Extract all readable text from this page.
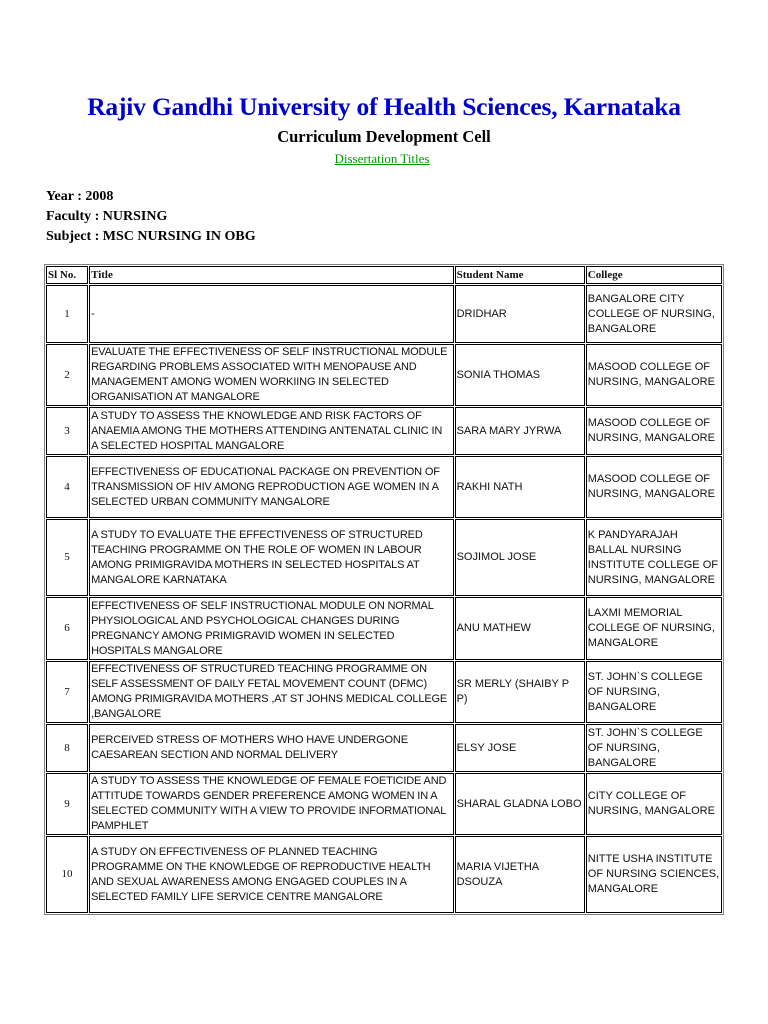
Rajiv Gandhi University of Health Sciences, Karnataka
Curriculum Development Cell
Dissertation Titles
Year : 2008
Faculty : NURSING
Subject : MSC NURSING IN OBG
Sl No.	Title	Student Name	College
1	-	DRIDHAR	BANGALORE CITY COLLEGE OF NURSING, BANGALORE
2	EVALUATE THE EFFECTIVENESS OF SELF INSTRUCTIONAL MODULE REGARDING PROBLEMS ASSOCIATED WITH MENOPAUSE AND MANAGEMENT AMONG WOMEN WORKIING IN SELECTED ORGANISATION AT MANGALORE	SONIA THOMAS	MASOOD COLLEGE OF NURSING, MANGALORE
3	A STUDY TO ASSESS THE KNOWLEDGE AND RISK FACTORS OF ANAEMIA AMONG THE MOTHERS ATTENDING ANTENATAL CLINIC IN A SELECTED HOSPITAL MANGALORE	SARA MARY JYRWA	MASOOD COLLEGE OF NURSING, MANGALORE
4	EFFECTIVENESS OF EDUCATIONAL PACKAGE ON PREVENTION OF TRANSMISSION OF HIV AMONG REPRODUCTION AGE WOMEN IN A SELECTED URBAN COMMUNITY MANGALORE	RAKHI NATH	MASOOD COLLEGE OF NURSING, MANGALORE
5	A STUDY TO EVALUATE THE EFFECTIVENESS OF STRUCTURED TEACHING PROGRAMME ON THE ROLE OF WOMEN IN LABOUR AMONG PRIMIGRAVIDA MOTHERS IN SELECTED HOSPITALS AT MANGALORE KARNATAKA	SOJIMOL JOSE	K PANDYARAJAH BALLAL NURSING INSTITUTE COLLEGE OF NURSING, MANGALORE
6	EFFECTIVENESS OF SELF INSTRUCTIONAL MODULE ON NORMAL PHYSIOLOGICAL AND PSYCHOLOGICAL CHANGES DURING PREGNANCY AMONG PRIMIGRAVID WOMEN IN SELECTED HOSPITALS MANGALORE	ANU MATHEW	LAXMI MEMORIAL COLLEGE OF NURSING, MANGALORE
7	EFFECTIVENESS OF STRUCTURED TEACHING PROGRAMME ON SELF ASSESSMENT OF DAILY FETAL MOVEMENT COUNT (DFMC) AMONG PRIMIGRAVIDA MOTHERS ,AT ST JOHNS MEDICAL COLLEGE ,BANGALORE	SR MERLY (SHAIBY P P)	ST. JOHN`S COLLEGE OF NURSING, BANGALORE
8	PERCEIVED STRESS OF MOTHERS WHO HAVE UNDERGONE CAESAREAN SECTION AND NORMAL DELIVERY	ELSY JOSE	ST. JOHN`S COLLEGE OF NURSING, BANGALORE
9	A STUDY TO ASSESS THE KNOWLEDGE OF FEMALE FOETICIDE AND ATTITUDE TOWARDS GENDER PREFERENCE AMONG WOMEN IN A SELECTED COMMUNITY WITH A VIEW TO PROVIDE INFORMATIONAL PAMPHLET	SHARAL GLADNA LOBO	CITY COLLEGE OF NURSING, MANGALORE
10	A STUDY ON EFFECTIVENESS OF PLANNED TEACHING PROGRAMME ON THE KNOWLEDGE OF REPRODUCTIVE HEALTH AND SEXUAL AWARENESS AMONG ENGAGED COUPLES IN A SELECTED FAMILY LIFE SERVICE CENTRE MANGALORE	MARIA VIJETHA DSOUZA	NITTE USHA INSTITUTE OF NURSING SCIENCES, MANGALORE
